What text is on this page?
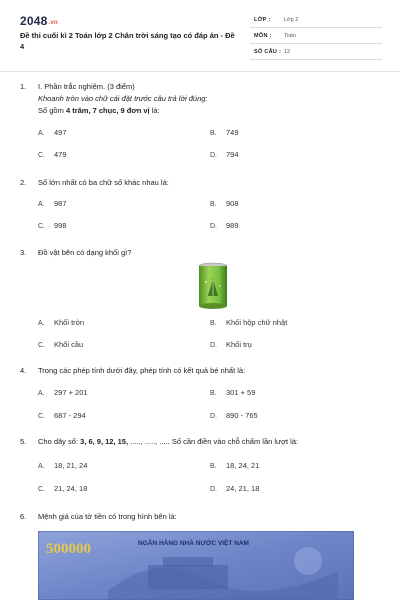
2048.vn
Đề thi cuối kì 2 Toán lớp 2 Chân trời sáng tạo có đáp án - Đề 4
LỚP : Lớp 2
MÔN : Toán
SỐ CÂU : 12
1. I. Phần trắc nghiệm. (3 điểm)
Khoanh tròn vào chữ cái đặt trước câu trả lời đúng:
Số gồm 4 trăm, 7 chục, 9 đơn vị là:
A. 497	B. 749
C. 479	D. 794
2. Số lớn nhất có ba chữ số khác nhau là:
A. 987	B. 908
C. 998	D. 989
3. Đồ vật bên có dạng khối gì?
A. Khối tròn	B. Khối hộp chữ nhật
C. Khối cầu	D. Khối trụ
4. Trong các phép tính dưới đây, phép tính có kết quả bé nhất là:
A. 297 + 201	B. 301 + 59
C. 687 - 294	D. 890 - 765
5. Cho dãy số: 3, 6, 9, 12, 15, ....., ....., ..... Số cần điền vào chỗ chấm lần lượt là:
A. 18, 21, 24	B. 18, 24, 21
C. 21, 24, 18	D. 24, 21, 18
6. Mệnh giá của tờ tiền có trong hình bên là:
500000	NGÂN HÀNG NHÀ NƯỚC VIỆT NAM
